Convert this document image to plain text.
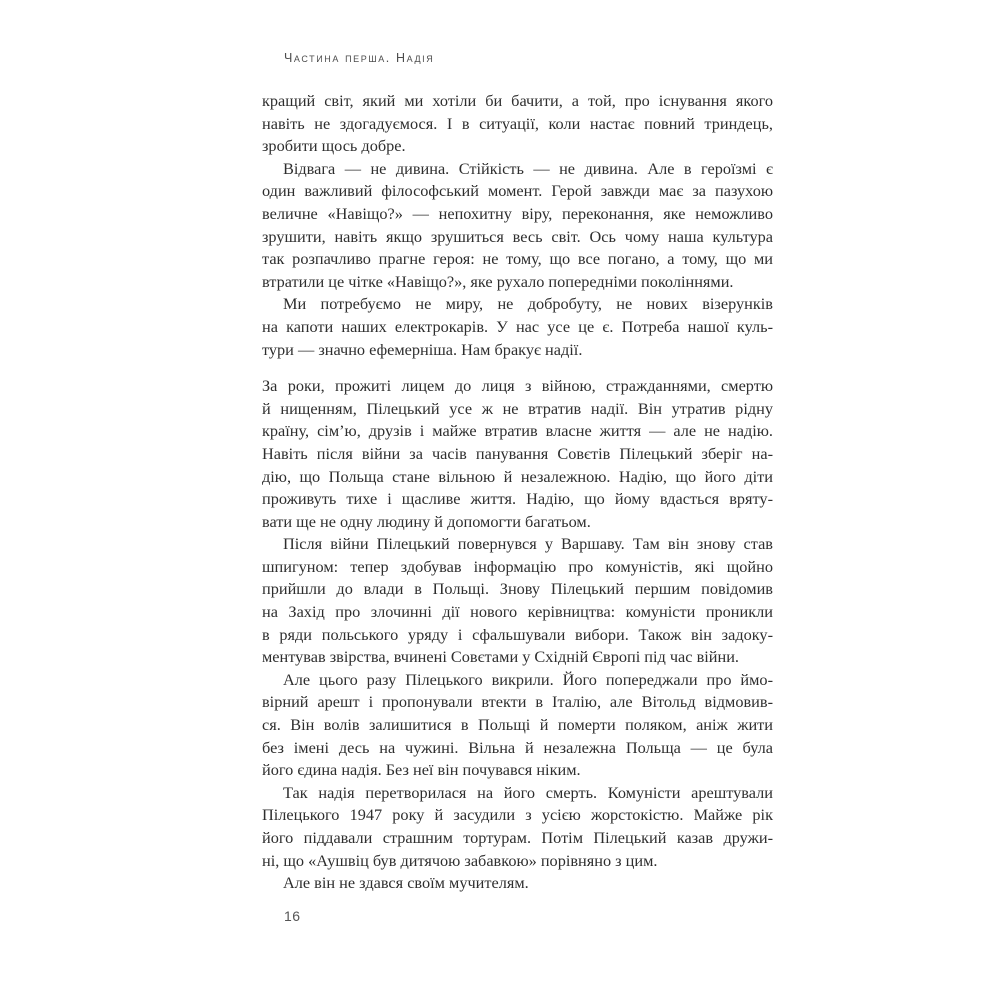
Частина перша. Надія
кращий світ, який ми хотіли би бачити, а той, про існування якого
навіть не здогадуємося. І в ситуації, коли настає повний триндець,
зробити щось добре.
Відвага — не дивина. Стійкість — не дивина. Але в героїзмі є
один важливий філософський момент. Герой завжди має за пазухою
величне «Навіщо?» — непохитну віру, переконання, яке неможливо
зрушити, навіть якщо зрушиться весь світ. Ось чому наша культура
так розпачливо прагне героя: не тому, що все погано, а тому, що ми
втратили це чітке «Навіщо?», яке рухало попередніми поколіннями.
Ми потребуємо не миру, не добробуту, не нових візерунків
на капоти наших електрокарів. У нас усе це є. Потреба нашої куль-
тури — значно ефемерніша. Нам бракує надії.
За роки, прожиті лицем до лиця з війною, стражданнями, смертю
й нищенням, Пілецький усе ж не втратив надії. Він утратив рідну
країну, сім’ю, друзів і майже втратив власне життя — але не надію.
Навіть після війни за часів панування Совєтів Пілецький зберіг на-
дію, що Польща стане вільною й незалежною. Надію, що його діти
проживуть тихе і щасливе життя. Надію, що йому вдасться вряту-
вати ще не одну людину й допомогти багатьом.
Після війни Пілецький повернувся у Варшаву. Там він знову став
шпигуном: тепер здобував інформацію про комуністів, які щойно
прийшли до влади в Польщі. Знову Пілецький першим повідомив
на Захід про злочинні дії нового керівництва: комуністи проникли
в ряди польського уряду і сфальшували вибори. Також він задоку-
ментував звірства, вчинені Совєтами у Східній Європі під час війни.
Але цього разу Пілецького викрили. Його попереджали про ймо-
вірний арешт і пропонували втекти в Італію, але Вітольд відмовив-
ся. Він волів залишитися в Польщі й померти поляком, аніж жити
без імені десь на чужині. Вільна й незалежна Польща — це була
його єдина надія. Без неї він почувався ніким.
Так надія перетворилася на його смерть. Комуністи арештували
Пілецького 1947 року й засудили з усією жорстокістю. Майже рік
його піддавали страшним тортурам. Потім Пілецький казав дружи-
ні, що «Аушвіц був дитячою забавкою» порівняно з цим.
Але він не здався своїм мучителям.
16
